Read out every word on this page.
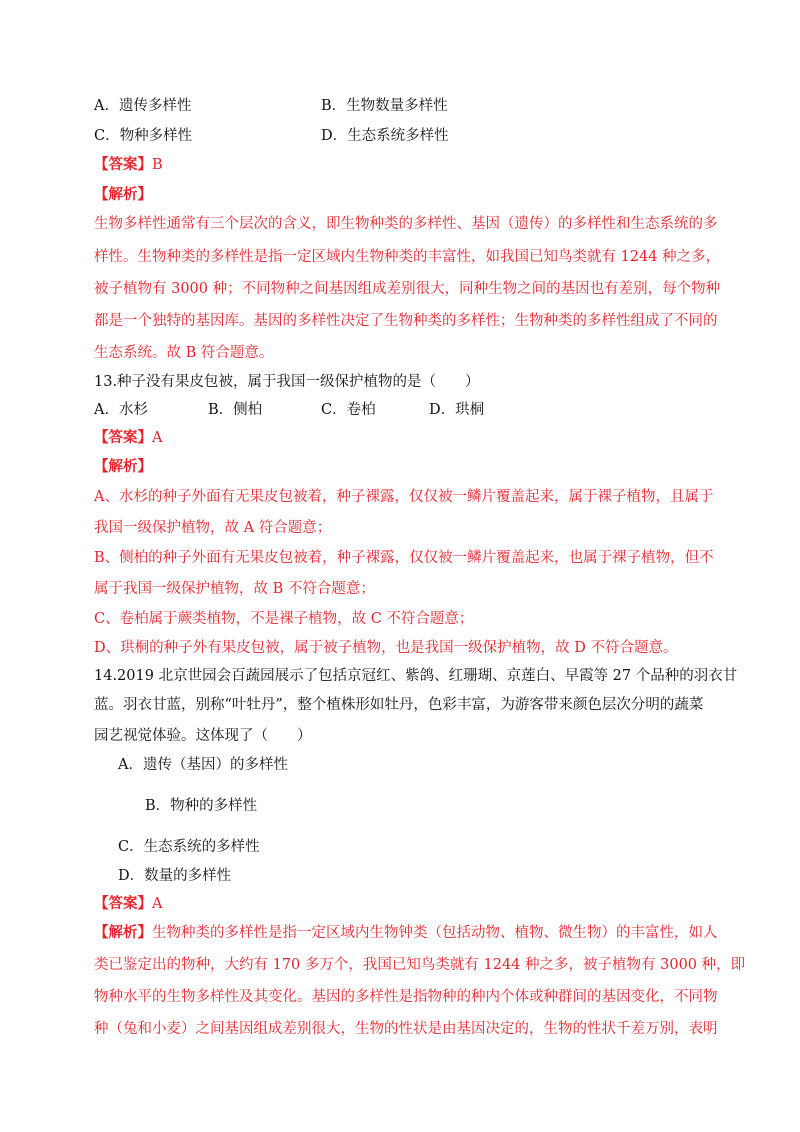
A．遗传多样性	B．生物数量多样性
C．物种多样性	D．生态系统多样性
【答案】B
【解析】
生物多样性通常有三个层次的含义，即生物种类的多样性、基因（遗传）的多样性和生态系统的多
样性。生物种类的多样性是指一定区域内生物种类的丰富性，如我国已知鸟类就有 1244 种之多，
被子植物有 3000 种；不同物种之间基因组成差别很大，同种生物之间的基因也有差别，每个物种
都是一个独特的基因库。基因的多样性决定了生物种类的多样性；生物种类的多样性组成了不同的
生态系统。故 B 符合题意。
13.种子没有果皮包被，属于我国一级保护植物的是（　　）
A．水杉	B．侧柏	C．卷柏	D．珙桐
【答案】A
【解析】
A、水杉的种子外面有无果皮包被着，种子裸露，仅仅被一鳞片覆盖起来，属于裸子植物，且属于
我国一级保护植物，故 A 符合题意；
B、侧柏的种子外面有无果皮包被着，种子裸露，仅仅被一鳞片覆盖起来，也属于裸子植物，但不
属于我国一级保护植物，故 B 不符合题意；
C、卷柏属于蕨类植物，不是裸子植物，故 C 不符合题意；
D、珙桐的种子外有果皮包被，属于被子植物，也是我国一级保护植物，故 D 不符合题意。
14.2019 北京世园会百蔬园展示了包括京冠红、紫鸽、红珊瑚、京莲白、早霞等 27 个品种的羽衣甘
蓝。羽衣甘蓝，别称“叶牡丹”，整个植株形如牡丹，色彩丰富，为游客带来颜色层次分明的蔬菜
园艺视觉体验。这体现了（　　）
A．遗传（基因）的多样性
B．物种的多样性
C．生态系统的多样性
D．数量的多样性
【答案】A
【解析】生物种类的多样性是指一定区域内生物钟类（包括动物、植物、微生物）的丰富性，如人
类已鉴定出的物种，大约有 170 多万个，我国已知鸟类就有 1244 种之多，被子植物有 3000 种，即
物种水平的生物多样性及其变化。基因的多样性是指物种的种内个体或种群间的基因变化，不同物
种（兔和小麦）之间基因组成差别很大，生物的性状是由基因决定的，生物的性状千差万别，表明
